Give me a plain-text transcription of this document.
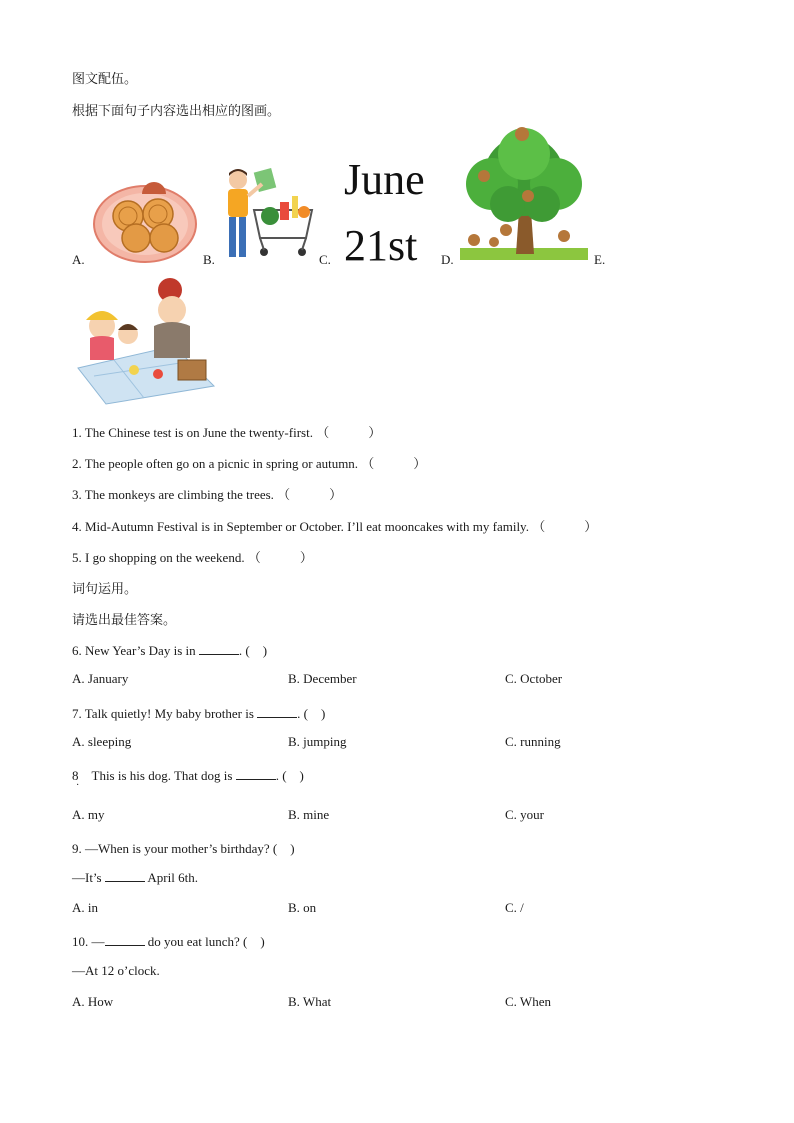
图文配伍。
根据下面句子内容选出相应的图画。
A.	B.	C.
June
21st D.	E.
1. The Chinese test is on June the twenty-first. （　　　）
2. The people often go on a picnic in spring or autumn. （　　　）
3. The monkeys are climbing the trees. （　　　）
4. Mid-Autumn Festival is in September or October. I’ll eat mooncakes with my family. （　　　）
5. I go shopping on the weekend. （　　　）
词句运用。
请选出最佳答案。
6. New Year’s Day is in	. (　)
A. January	B. December	C. October
7. Talk quietly! My baby brother is	. (　)
A. sleeping	B. jumping	C. running
8　This is his dog. That dog is	. (　)
·
A. my	B. mine	C. your
9. —When is your mother’s birthday? (　)
—It’s	April 6th.
A. in	B. on	C. /
10. —	do you eat lunch? (　)
—At 12 o’clock.
A. How	B. What	C. When
